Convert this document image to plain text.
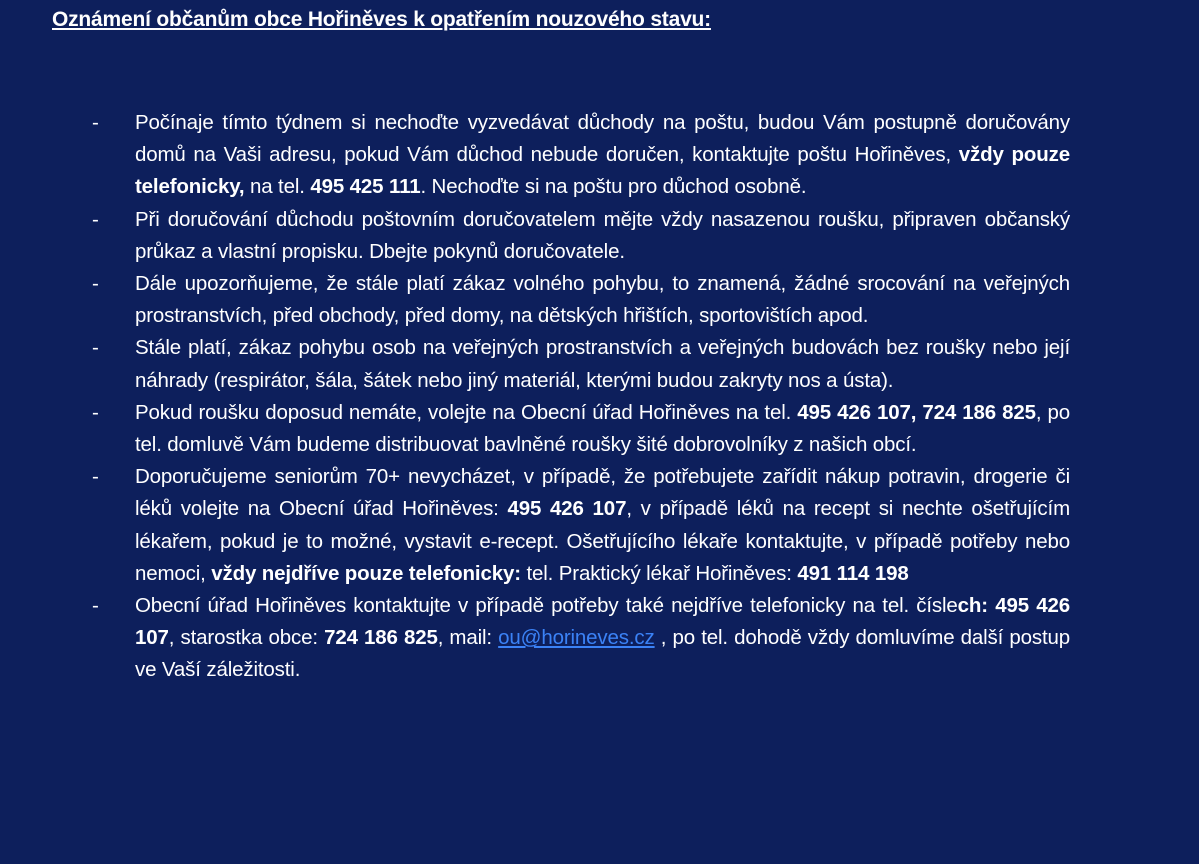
Oznámení občanům obce Hořiněves k opatřením nouzového stavu:
-	Počínaje tímto týdnem si nechoďte vyzvedávat důchody na poštu, budou Vám postupně doručovány domů na Vaši adresu, pokud Vám důchod nebude doručen, kontaktujte poštu Hořiněves, vždy pouze telefonicky, na tel. 495 425 111. Nechoďte si na poštu pro důchod osobně.
-	Při doručování důchodu poštovním doručovatelem mějte vždy nasazenou roušku, připraven občanský průkaz a vlastní propisku. Dbejte pokynů doručovatele.
-	Dále upozorňujeme, že stále platí zákaz volného pohybu, to znamená, žádné srocování na veřejných prostranstvích, před obchody, před domy, na dětských hřištích, sportovištích apod.
-	Stále platí, zákaz pohybu osob na veřejných prostranstvích a veřejných budovách bez roušky nebo její náhrady (respirátor, šála, šátek nebo jiný materiál, kterými budou zakryty nos a ústa).
-	Pokud roušku doposud nemáte, volejte na Obecní úřad Hořiněves na tel. 495 426 107, 724 186 825, po tel. domluvě Vám budeme distribuovat bavlněné roušky šité dobrovolníky z našich obcí.
-	Doporučujeme seniorům 70+ nevycházet, v případě, že potřebujete zařídit nákup potravin, drogerie či léků volejte na Obecní úřad Hořiněves: 495 426 107, v případě léků na recept si nechte ošetřujícím lékařem, pokud je to možné, vystavit e-recept. Ošetřujícího lékaře kontaktujte, v případě potřeby nebo nemoci, vždy nejdříve pouze telefonicky: tel. Praktický lékař Hořiněves: 491 114 198
-	Obecní úřad Hořiněves kontaktujte v případě potřeby také nejdříve telefonicky na tel. číslech: 495 426 107, starostka obce: 724 186 825, mail: ou@horineves.cz , po tel. dohodě vždy domluvíme další postup ve Vaší záležitosti.
